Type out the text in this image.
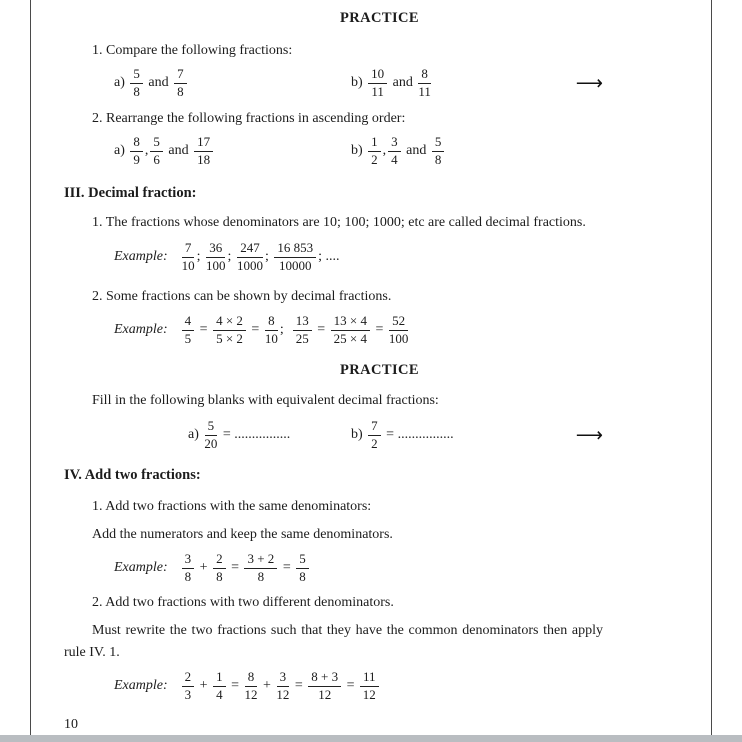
PRACTICE

1. Compare the following fractions:

$a) \frac{5}{8}$ and $\frac{7}{8}$	$b) \frac{10}{11}$ and $\frac{8}{11}$	⟶

2. Rearrange the following fractions in ascending order:

$a) \frac{8}{9}$ , $\frac{5}{6}$ and $\frac{17}{18}$	$b) \frac{1}{2}$ , $\frac{3}{4}$ and $\frac{5}{8}$
III. Decimal fraction:

1. The fractions whose denominators are 10; 100; 1000; etc are called decimal fractions.

Example: $\frac{7}{10}$ ; $\frac{36}{100}$ ; $\frac{247}{1000}$ ; $\frac{16 853}{10000}$ ; ....

2. Some fractions can be shown by decimal fractions.

Example: $\frac{4}{5} = \frac{4 \times 2}{5 \times 2} = \frac{8}{10}$ ; $\frac{13}{25} = \frac{13 \times 4}{25 \times 4} = \frac{52}{100}$
PRACTICE

Fill in the following blanks with equivalent decimal fractions:

$a) \frac{5}{20}$ = ................	$b) \frac{7}{2}$ = ................	⟶
IV. Add two fractions:

1. Add two fractions with the same denominators:

Add the numerators and keep the same denominators.

Example: $\frac{3}{8} + \frac{2}{8} = \frac{3 + 2}{8} = \frac{5}{8}$

2. Add two fractions with two different denominators.

Must rewrite the two fractions such that they have the common denominators then apply rule IV. 1.

Example: $\frac{2}{3} + \frac{1}{4} = \frac{8}{12} + \frac{3}{12} = \frac{8 + 3}{12} = \frac{11}{12}$
10
